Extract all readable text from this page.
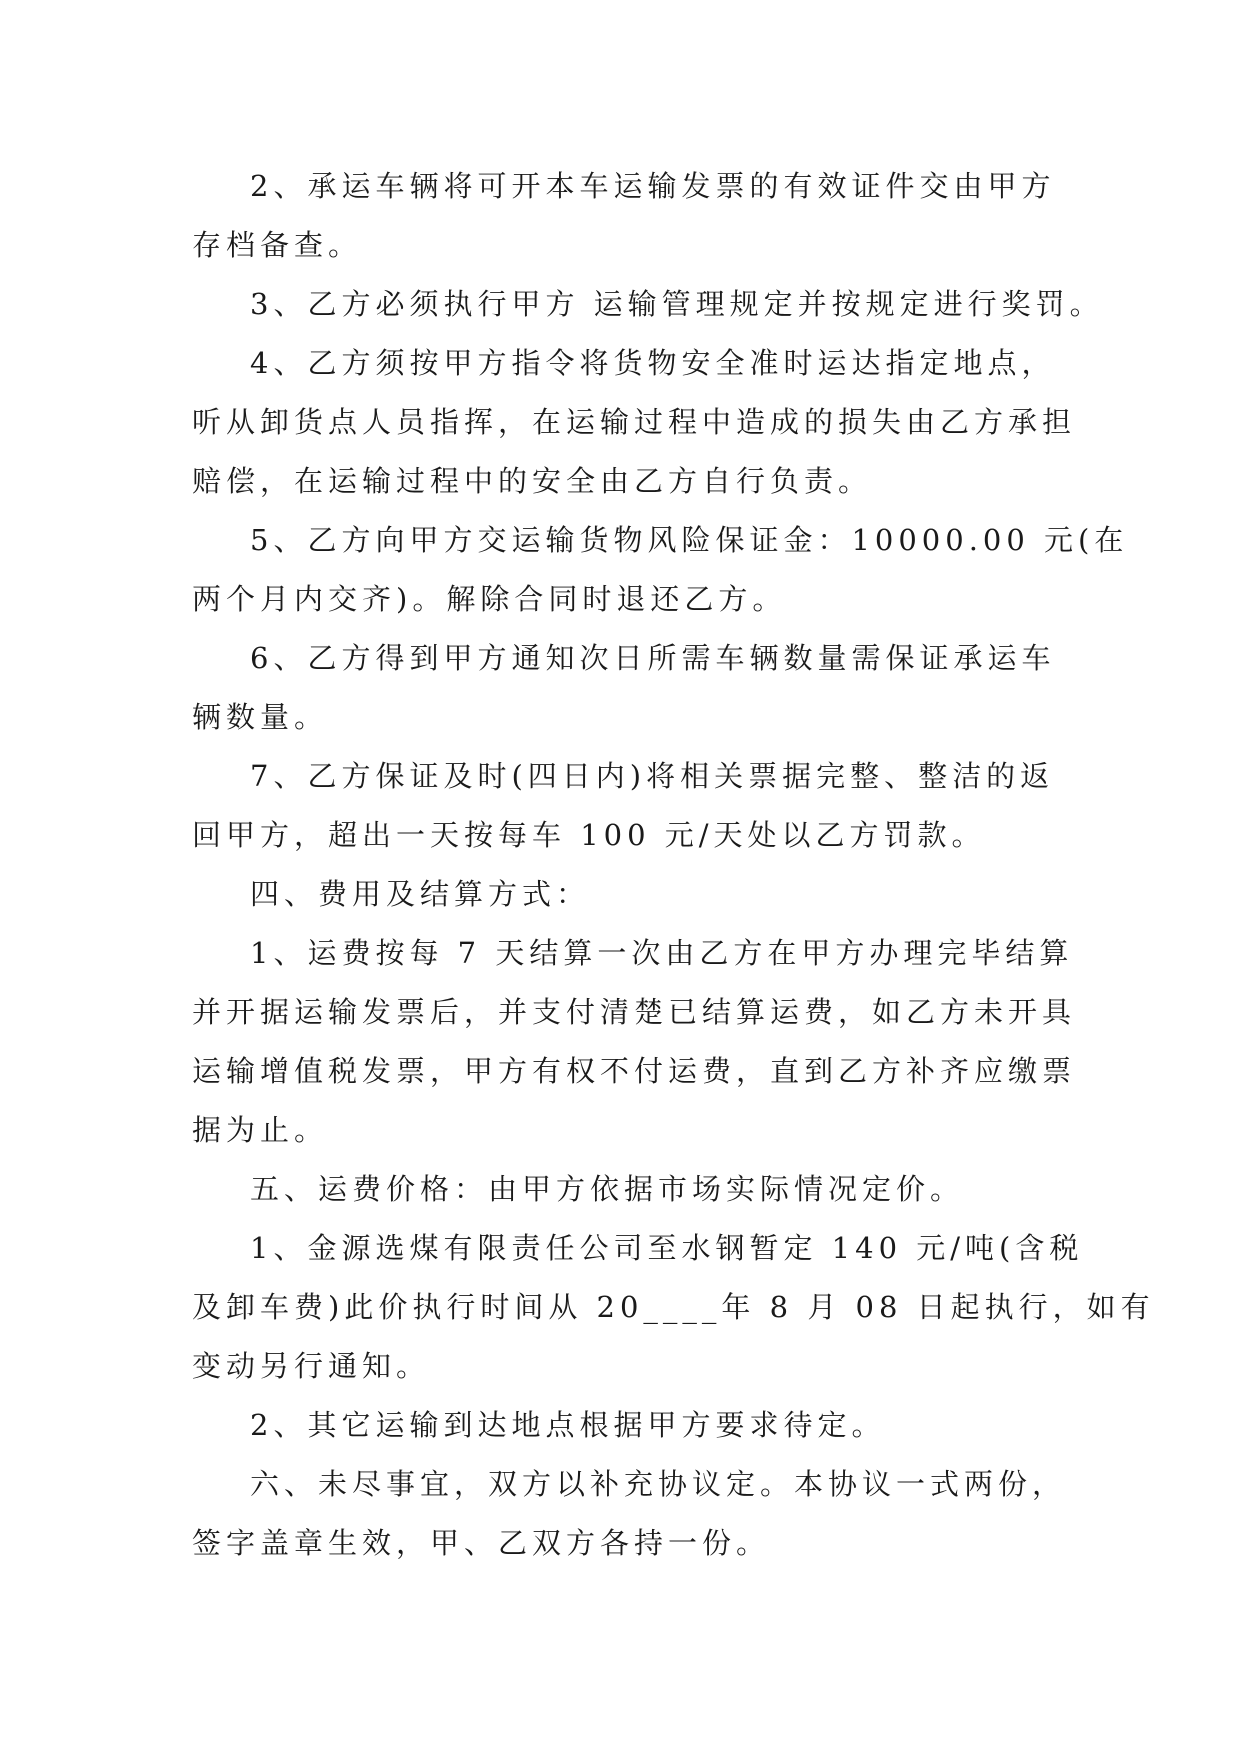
2、承运车辆将可开本车运输发票的有效证件交由甲方
存档备查。

3、乙方必须执行甲方 运输管理规定并按规定进行奖罚。

4、乙方须按甲方指令将货物安全准时运达指定地点，
听从卸货点人员指挥，在运输过程中造成的损失由乙方承担
赔偿，在运输过程中的安全由乙方自行负责。

5、乙方向甲方交运输货物风险保证金：10000.00 元(在
两个月内交齐)。解除合同时退还乙方。

6、乙方得到甲方通知次日所需车辆数量需保证承运车
辆数量。

7、乙方保证及时(四日内)将相关票据完整、整洁的返
回甲方，超出一天按每车 100 元/天处以乙方罚款。

四、费用及结算方式：

1、运费按每 7 天结算一次由乙方在甲方办理完毕结算
并开据运输发票后，并支付清楚已结算运费，如乙方未开具
运输增值税发票，甲方有权不付运费，直到乙方补齐应缴票
据为止。

五、运费价格：由甲方依据市场实际情况定价。

1、金源选煤有限责任公司至水钢暂定 140 元/吨(含税
及卸车费)此价执行时间从 20____年 8 月 08 日起执行，如有
变动另行通知。

2、其它运输到达地点根据甲方要求待定。

六、未尽事宜，双方以补充协议定。本协议一式两份，
签字盖章生效，甲、乙双方各持一份。
